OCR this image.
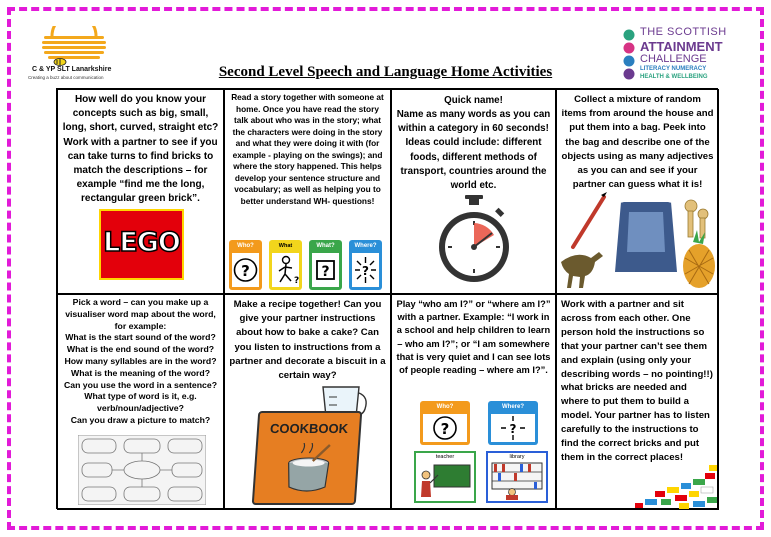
C & YP SLT Lanarkshire
Creating a buzz about communication
THE SCOTTISH
ATTAINMENT
CHALLENGE
LITERACY NUMERACY
HEALTH & WELLBEING
Second Level Speech and Language Home Activities
How well do you know your concepts such as big, small, long, short, curved, straight etc? Work with a partner to see if you can take turns to find bricks to match the descriptions – for example “find me the long, rectangular green brick”.
LEGO
Read a story together with someone at home. Once you have read the story talk about who was in the story; what the characters were doing in the story and what they were doing it with (for example - playing on the swings); and where the story happened. This helps develop your sentence structure and vocabulary; as well as helping you to better understand WH- questions!
Who?
?
What
?
What?
?
Where?
?
Quick name!
Name as many words as you can within a category in 60 seconds! Ideas could include: different foods, different methods of transport, countries around the world etc.
Collect a mixture of random items from around the house and put them into a bag. Peek into the bag and describe one of the objects using as many adjectives as you can and see if your partner can guess what it is!
Pick a word – can you make up a visualiser word map about the word, for example:
What is the start sound of the word?
What is the end sound of the word?
How many syllables are in the word?
What is the meaning of the word?
Can you use the word in a sentence?
What type of word is it, e.g. verb/noun/adjective?
Can you draw a picture to match?
Make a recipe together! Can you give your partner instructions about how to bake a cake? Can you listen to instructions from a partner and decorate a biscuit in a certain way?
COOKBOOK
Play “who am I?” or “where am I?” with a partner. Example: “I work in a school and help children to learn – who am I?”; or “I am somewhere that is very quiet and I can see lots of people reading – where am I?”.
Who?
?
Where?
?
teacher	library
Work with a partner and sit across from each other. One person hold the instructions so that your partner can’t see them and explain (using only your describing words – no pointing!!) what bricks are needed and where to put them to build a model. Your partner has to listen carefully to the instructions to find the correct bricks and put them in the correct places!
